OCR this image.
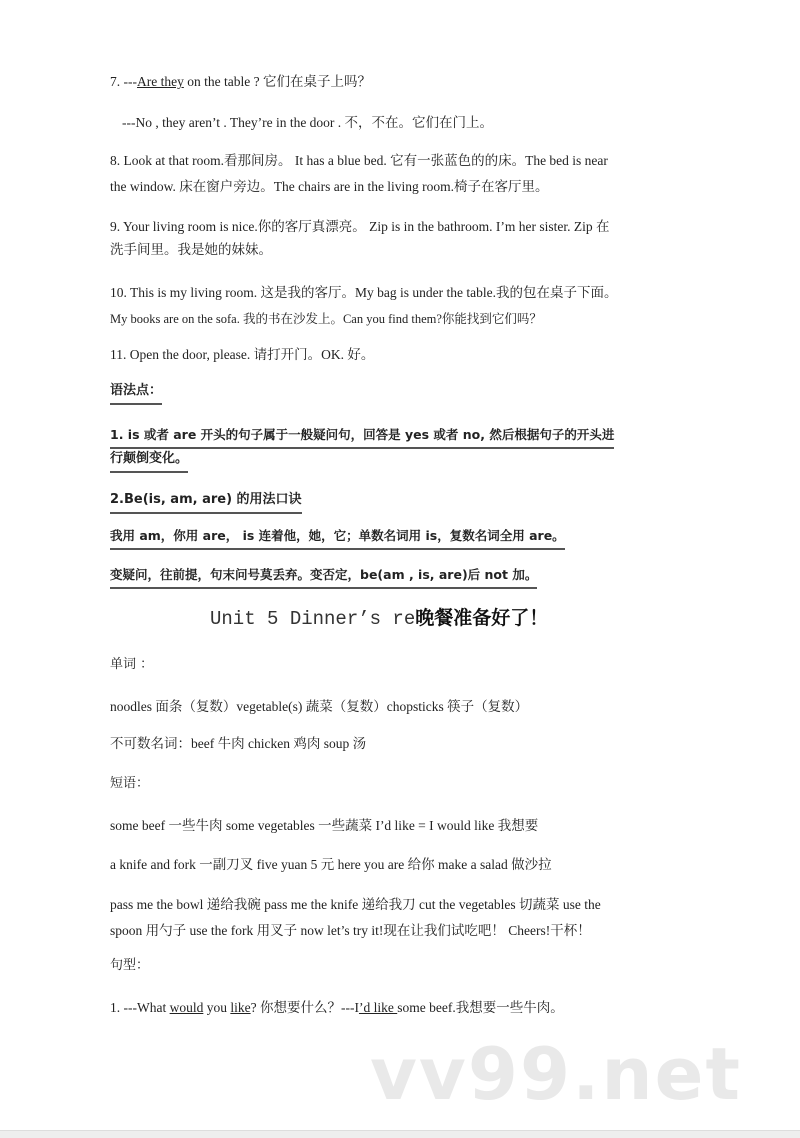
7. ---Are they on the table ? 它们在桌子上吗？
---No , they aren’t . They’re in the door . 不，不在。它们在门上。
8. Look at that room.看那间房。 It has a blue bed. 它有一张蓝色的的床。The bed is near
the window. 床在窗户旁边。The chairs are in the living room.椅子在客厅里。
9. Your living room is nice.你的客厅真漂亮。 Zip is in the bathroom. I’m her sister. Zip 在
洗手间里。我是她的妹妹。
10. This is my living room. 这是我的客厅。My bag is under the table.我的包在桌子下面。
My books are on the sofa. 我的书在沙发上。Can you find them?你能找到它们吗？
11. Open the door, please. 请打开门。OK. 好。
语法点：
1. is 或者 are 开头的句子属于一般疑问句，回答是 yes 或者 no, 然后根据句子的开头进
行颠倒变化。
2.Be(is, am, are) 的用法口诀
我用 am，你用 are， is 连着他，她，它；单数名词用 is，复数名词全用 are。
变疑问，往前提，句末问号莫丢弃。变否定，be(am , is, are)后 not 加。
Unit 5 Dinner’s re晚餐准备好了！
单词 ：
noodles 面条（复数）vegetable(s) 蔬菜（复数）chopsticks 筷子（复数）
不可数名词：beef 牛肉 chicken 鸡肉 soup 汤
短语：
some beef 一些牛肉 some vegetables 一些蔬菜 I’d like = I would like 我想要
a knife and fork 一副刀叉 five yuan 5 元 here you are 给你 make a salad 做沙拉
pass me the bowl 递给我碗 pass me the knife 递给我刀 cut the vegetables 切蔬菜 use the
spoon 用勺子 use the fork 用叉子 now let’s try it!现在让我们试吃吧！ Cheers!干杯！
句型：
1. ---What would you like? 你想要什么？---I’d like some beef.我想要一些牛肉。
vv99.net
